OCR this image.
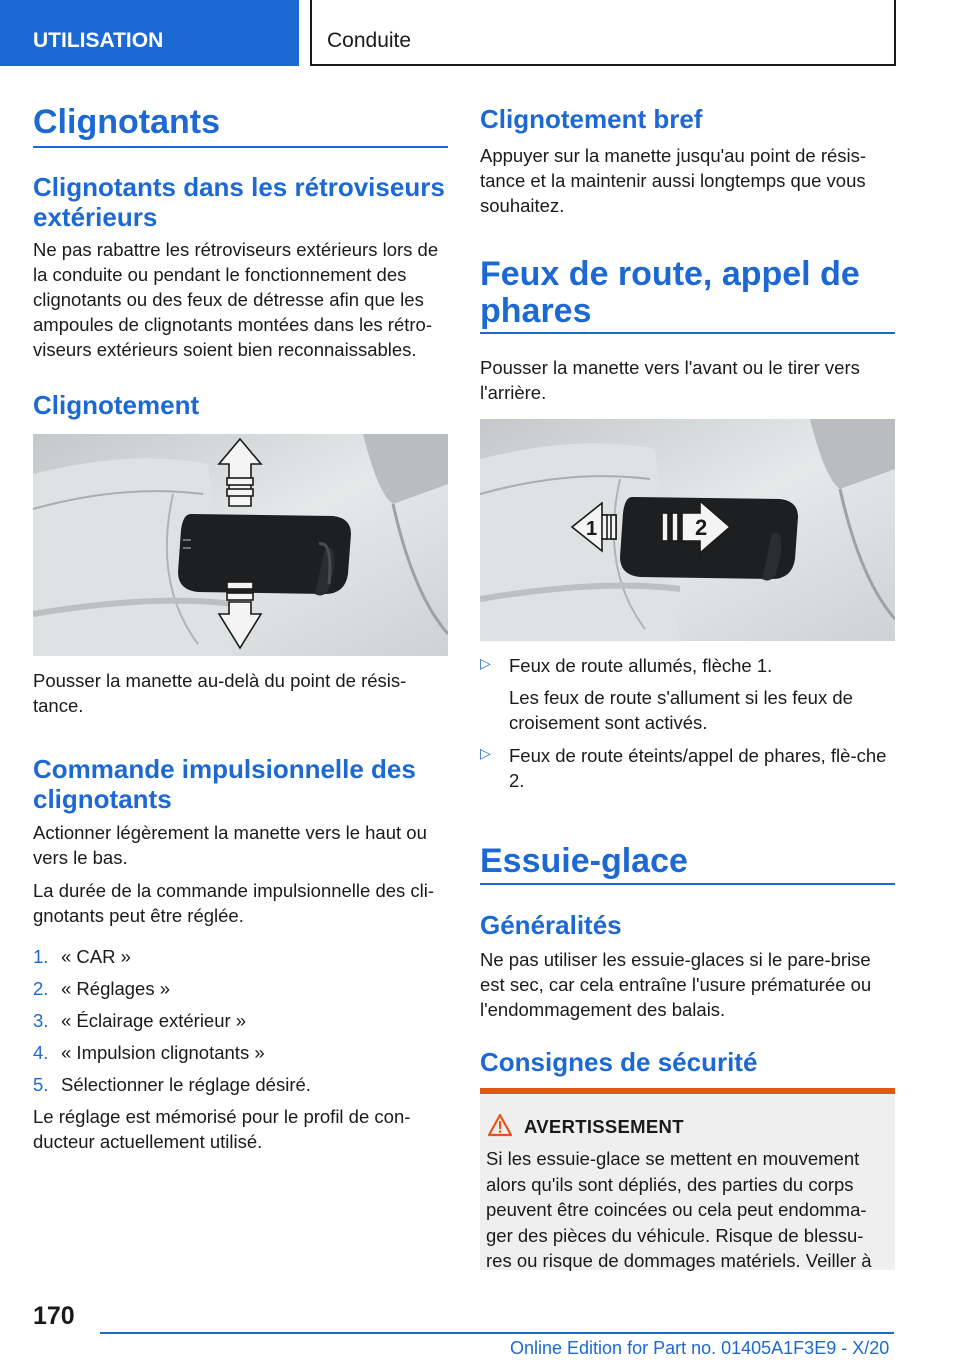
UTILISATION	Conduite
Clignotants
Clignotants dans les rétroviseurs extérieurs
Ne pas rabattre les rétroviseurs extérieurs lors de la conduite ou pendant le fonctionnement des clignotants ou des feux de détresse afin que les ampoules de clignotants montées dans les rétro-viseurs extérieurs soient bien reconnaissables.
Clignotement
Pousser la manette au-delà du point de résis-tance.
Commande impulsionnelle des clignotants
Actionner légèrement la manette vers le haut ou vers le bas.
La durée de la commande impulsionnelle des cli-gnotants peut être réglée.
1. « CAR »
2. « Réglages »
3. « Éclairage extérieur »
4. « Impulsion clignotants »
5. Sélectionner le réglage désiré.
Le réglage est mémorisé pour le profil de con-ducteur actuellement utilisé.
Clignotement bref
Appuyer sur la manette jusqu'au point de résis-tance et la maintenir aussi longtemps que vous souhaitez.
Feux de route, appel de phares
Pousser la manette vers l'avant ou le tirer vers l'arrière.
1	2
▷ Feux de route allumés, flèche 1.
Les feux de route s'allument si les feux de croisement sont activés.
▷ Feux de route éteints/appel de phares, flè-che 2.
Essuie-glace
Généralités
Ne pas utiliser les essuie-glaces si le pare-brise est sec, car cela entraîne l'usure prématurée ou l'endommagement des balais.
Consignes de sécurité
AVERTISSEMENT
Si les essuie-glace se mettent en mouvement alors qu'ils sont dépliés, des parties du corps peuvent être coincées ou cela peut endomma-ger des pièces du véhicule. Risque de blessu-res ou risque de dommages matériels. Veiller à
170
Online Edition for Part no. 01405A1F3E9 - X/20
